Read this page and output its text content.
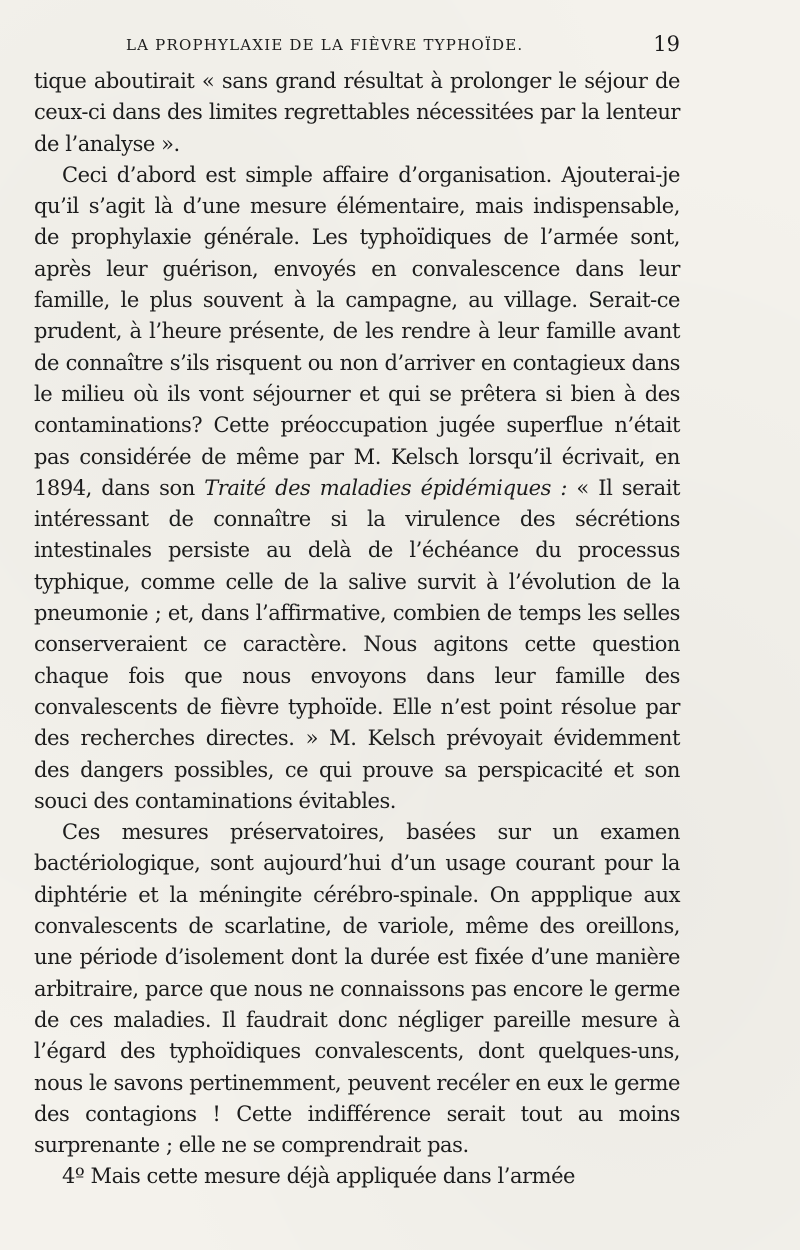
LA PROPHYLAXIE DE LA FIÈVRE TYPHOÏDE.	19

tique aboutirait « sans grand résultat à prolonger le séjour de ceux-ci dans des limites regrettables nécessitées par la lenteur de l’analyse ».

Ceci d’abord est simple affaire d’organisation. Ajouterai-je qu’il s’agit là d’une mesure élémentaire, mais indispensable, de prophylaxie générale. Les typhoïdiques de l’armée sont, après leur guérison, envoyés en convalescence dans leur famille, le plus souvent à la campagne, au village. Serait-ce prudent, à l’heure présente, de les rendre à leur famille avant de connaître s’ils risquent ou non d’arriver en contagieux dans le milieu où ils vont séjourner et qui se prêtera si bien à des contaminations? Cette préoccupation jugée superflue n’était pas considérée de même par M. Kelsch lorsqu’il écrivait, en 1894, dans son Traité des maladies épidémiques : « Il serait intéressant de connaître si la virulence des sécrétions intestinales persiste au delà de l’échéance du processus typhique, comme celle de la salive survit à l’évolution de la pneumonie ; et, dans l’affirmative, combien de temps les selles conserveraient ce caractère. Nous agitons cette question chaque fois que nous envoyons dans leur famille des convalescents de fièvre typhoïde. Elle n’est point résolue par des recherches directes. » M. Kelsch prévoyait évidemment des dangers possibles, ce qui prouve sa perspicacité et son souci des contaminations évitables.

Ces mesures préservatoires, basées sur un examen bactériologique, sont aujourd’hui d’un usage courant pour la diphtérie et la méningite cérébro-spinale. On appplique aux convalescents de scarlatine, de variole, même des oreillons, une période d’isolement dont la durée est fixée d’une manière arbitraire, parce que nous ne connaissons pas encore le germe de ces maladies. Il faudrait donc négliger pareille mesure à l’égard des typhoïdiques convalescents, dont quelques-uns, nous le savons pertinemment, peuvent recéler en eux le germe des contagions ! Cette indifférence serait tout au moins surprenante ; elle ne se comprendrait pas.

4º Mais cette mesure déjà appliquée dans l’armée
